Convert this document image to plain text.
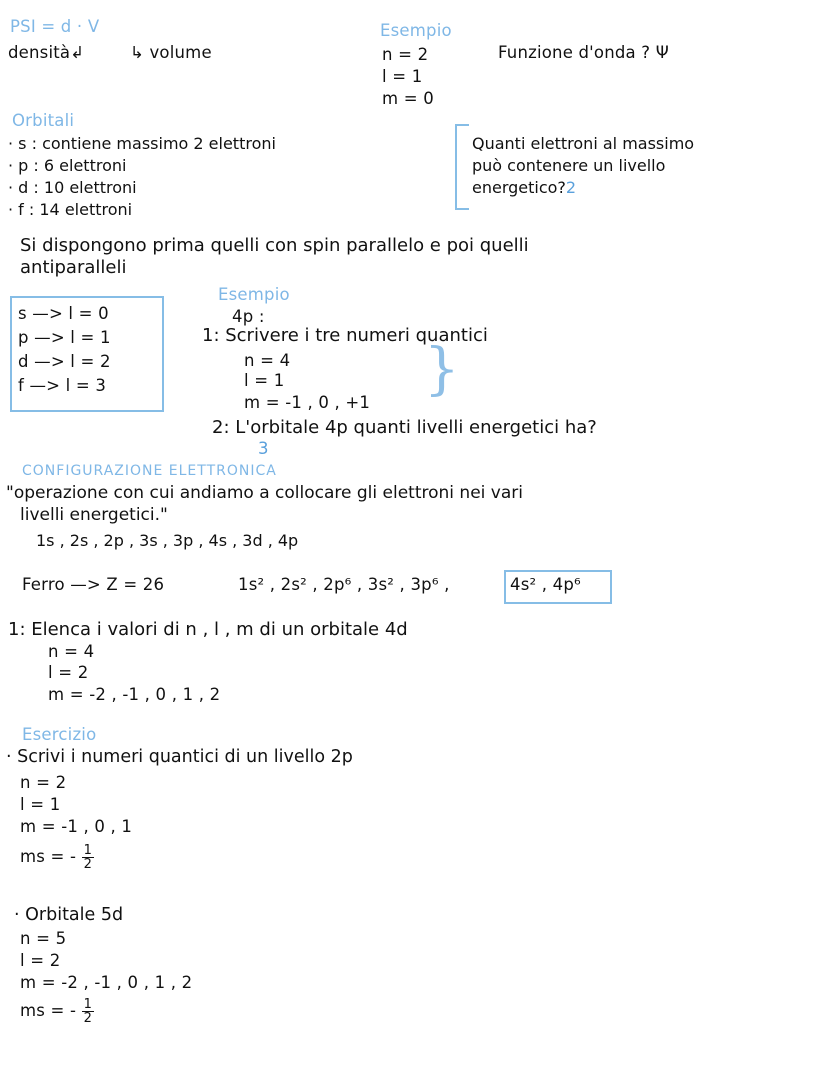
PSI = d · V
densità↲	↳ volume
Esempio
n = 2
l = 1
m = 0
Funzione d'onda ? Ψ
Orbitali
· s : contiene massimo 2 elettroni
· p : 6 elettroni
· d : 10 elettroni
· f : 14 elettroni
Quanti elettroni al massimo
può contenere un livello
energetico?2
Si dispongono prima quelli con spin parallelo e poi quelli
antiparalleli
s —> l = 0
p —> l = 1
d —> l = 2
f —> l = 3
Esempio
4p :
1: Scrivere i tre numeri quantici
n = 4
l = 1
m = -1 , 0 , +1
}
2: L'orbitale 4p quanti livelli energetici ha?
3
CONFIGURAZIONE ELETTRONICA
"operazione con cui andiamo a collocare gli elettroni nei vari
livelli energetici."
1s , 2s , 2p , 3s , 3p , 4s , 3d , 4p
Ferro —> Z = 26	1s² , 2s² , 2p⁶ , 3s² , 3p⁶ ,	4s² , 4p⁶
1: Elenca i valori di n , l , m di un orbitale 4d
n = 4
l = 2
m = -2 , -1 , 0 , 1 , 2
Esercizio
· Scrivi i numeri quantici di un livello 2p
n = 2
l = 1
m = -1 , 0 , 1
ms = - $\frac{1}{2}$
· Orbitale 5d
n = 5
l = 2
m = -2 , -1 , 0 , 1 , 2
ms = - $\frac{1}{2}$
